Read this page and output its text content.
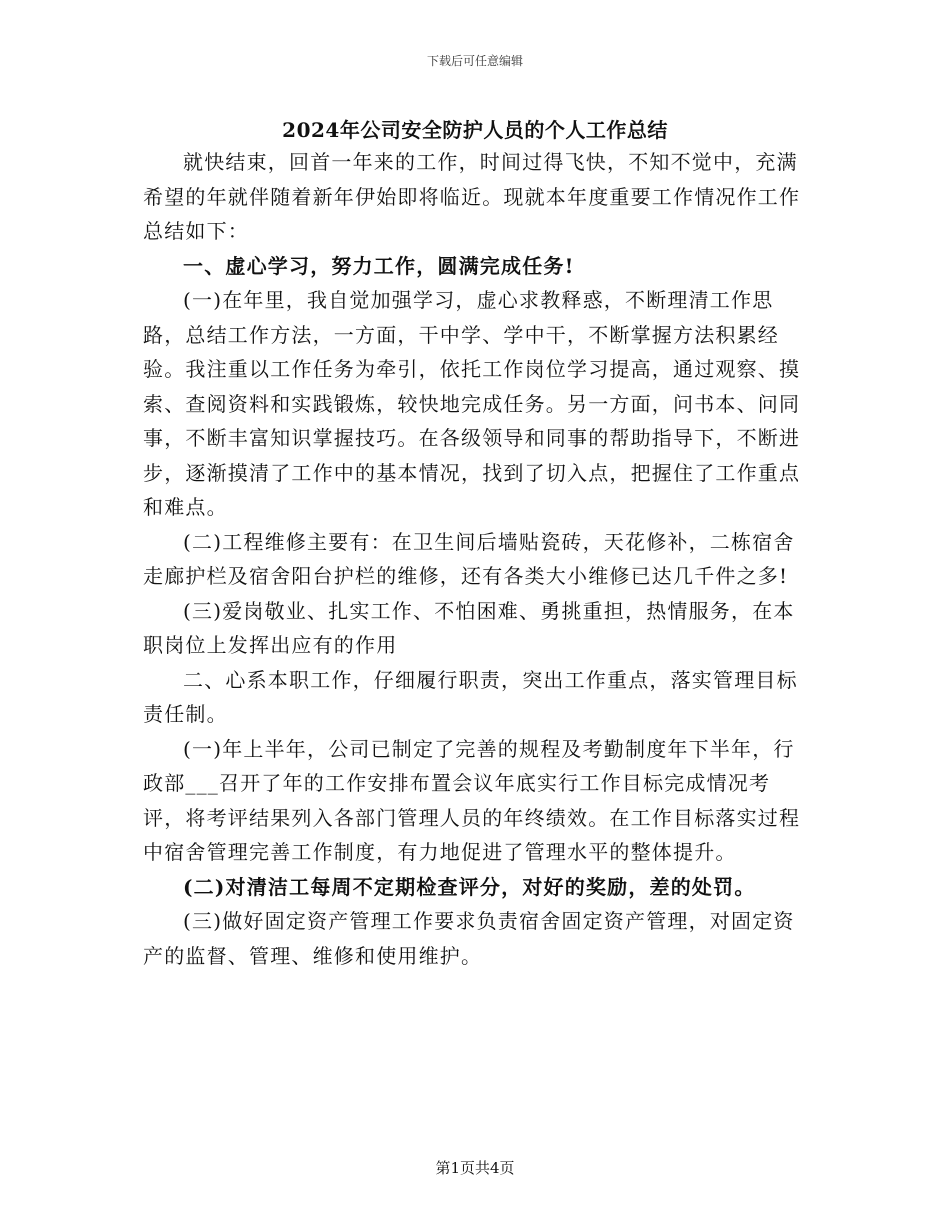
下载后可任意编辑
2024年公司安全防护人员的个人工作总结

就快结束，回首一年来的工作，时间过得飞快，不知不觉中，充满希望的年就伴随着新年伊始即将临近。现就本年度重要工作情况作工作总结如下：

一、虚心学习，努力工作，圆满完成任务!

(一)在年里，我自觉加强学习，虚心求教释惑，不断理清工作思路，总结工作方法，一方面，干中学、学中干，不断掌握方法积累经验。我注重以工作任务为牵引，依托工作岗位学习提高，通过观察、摸索、查阅资料和实践锻炼，较快地完成任务。另一方面，问书本、问同事，不断丰富知识掌握技巧。在各级领导和同事的帮助指导下，不断进步，逐渐摸清了工作中的基本情况，找到了切入点，把握住了工作重点和难点。

(二)工程维修主要有：在卫生间后墙贴瓷砖，天花修补，二栋宿舍走廊护栏及宿舍阳台护栏的维修，还有各类大小维修已达几千件之多!

(三)爱岗敬业、扎实工作、不怕困难、勇挑重担，热情服务，在本职岗位上发挥出应有的作用

二、心系本职工作，仔细履行职责，突出工作重点，落实管理目标责任制。

(一)年上半年，公司已制定了完善的规程及考勤制度年下半年，行政部___召开了年的工作安排布置会议年底实行工作目标完成情况考评，将考评结果列入各部门管理人员的年终绩效。在工作目标落实过程中宿舍管理完善工作制度，有力地促进了管理水平的整体提升。

(二)对清洁工每周不定期检查评分，对好的奖励，差的处罚。

(三)做好固定资产管理工作要求负责宿舍固定资产管理，对固定资产的监督、管理、维修和使用维护。

第1页共4页
